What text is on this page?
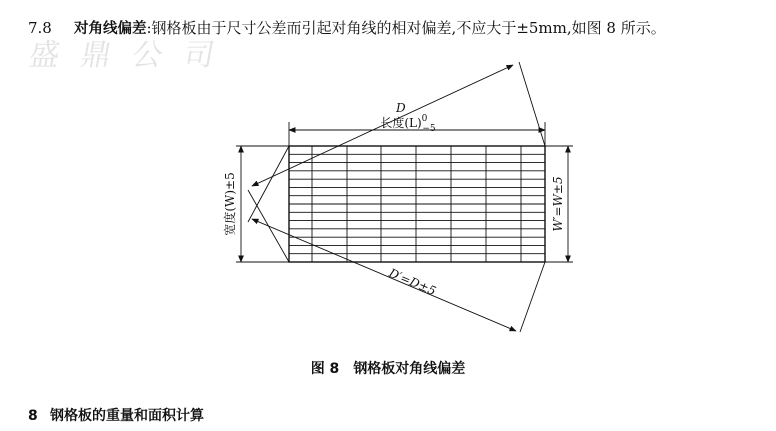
盛 鼎 公 司
7.8 对角线偏差:钢格板由于尺寸公差而引起对角线的相对偏差,不应大于±5mm,如图 8 所示。
长度$(L)^0 -5$
宽度(W)±5	W′=W±5
D
D′=D±5
图 8 钢格板对角线偏差
8 钢格板的重量和面积计算
